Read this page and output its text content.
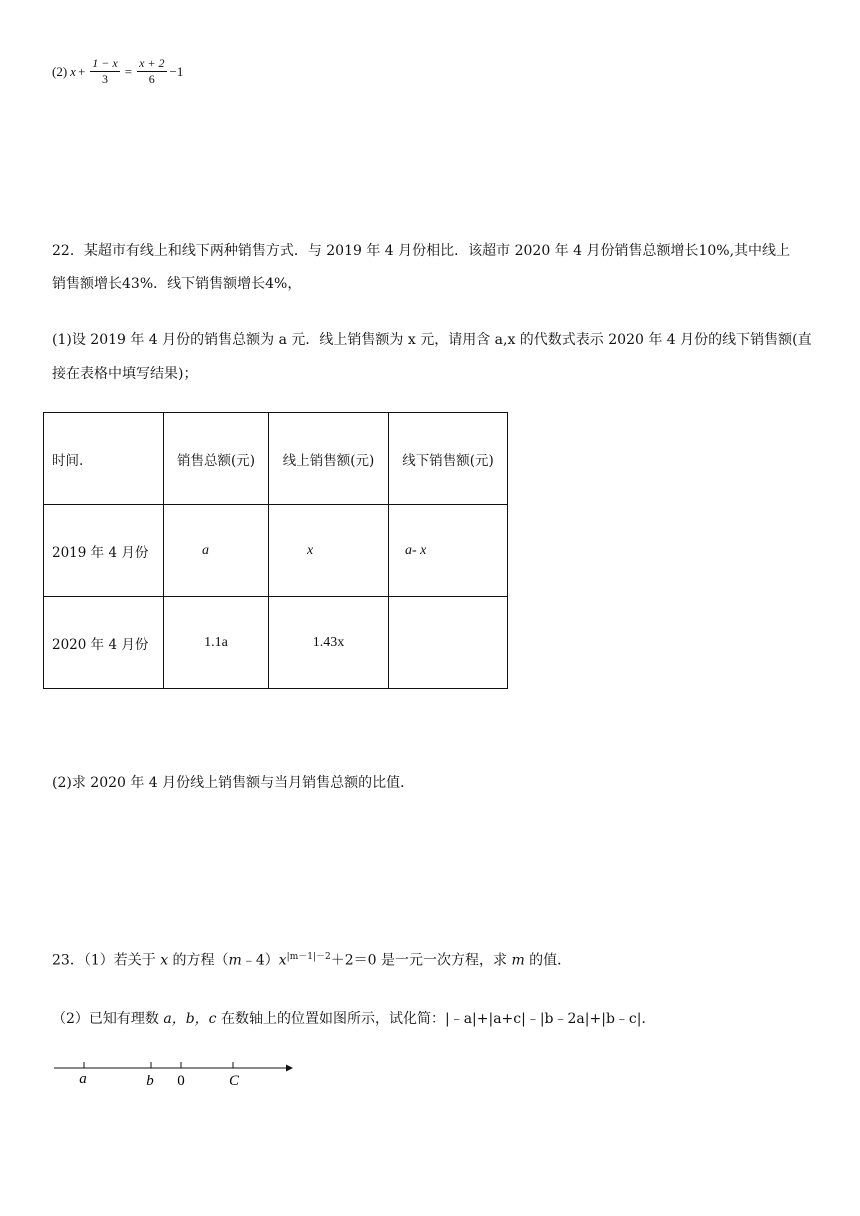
(2) $x + \frac{1 - x}{3} = \frac{x + 2}{6} -1$
22．某超市有线上和线下两种销售方式．与 2019 年 4 月份相比．该超市 2020 年 4 月份销售总额增长10%,其中线上
销售额增长43%．线下销售额增长4%，
(1)设 2019 年 4 月份的销售总额为 a 元．线上销售额为 x 元，请用含 a,x 的代数式表示 2020 年 4 月份的线下销售额(直
接在表格中填写结果)；
时间.	销售总额(元)	线上销售额(元)	线下销售额(元)
2019 年 4 月份	a	x	a- x
2020 年 4 月份	1.1a	1.43x	
(2)求 2020 年 4 月份线上销售额与当月销售总额的比值．
23．（1）若关于 x 的方程$(m﹣4)x^{|m-1|-2}+2=0$ 是一元一次方程，求 m 的值．
（2）已知有理数 a，b，c 在数轴上的位置如图所示，试化简：|﹣a|+|a+c|﹣|b﹣2a|+|b﹣c|．
a	b 0	C
